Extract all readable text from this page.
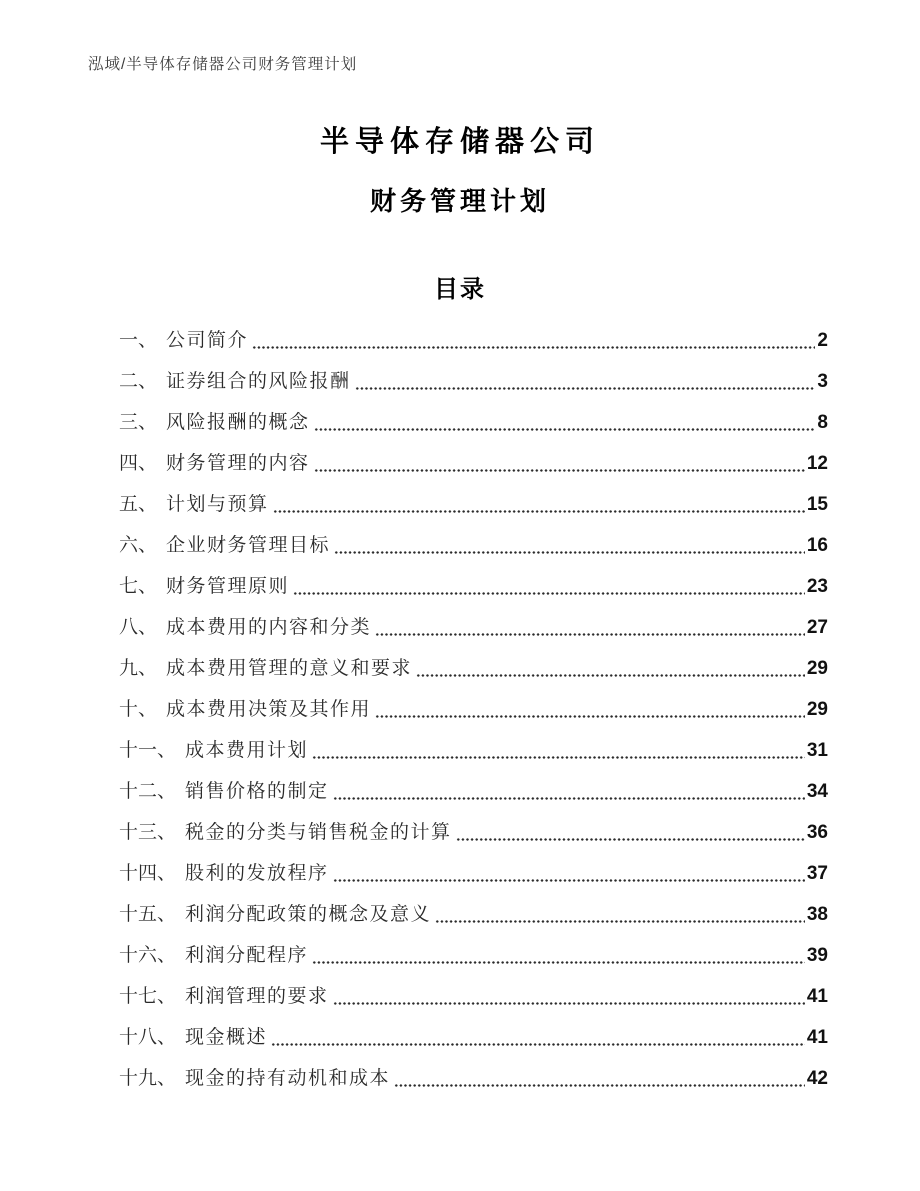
泓域/半导体存储器公司财务管理计划
半导体存储器公司
财务管理计划
目录
一、 公司简介	2
二、 证券组合的风险报酬	3
三、 风险报酬的概念	8
四、 财务管理的内容	12
五、 计划与预算	15
六、 企业财务管理目标	16
七、 财务管理原则	23
八、 成本费用的内容和分类	27
九、 成本费用管理的意义和要求	29
十、 成本费用决策及其作用	29
十一、 成本费用计划	31
十二、 销售价格的制定	34
十三、 税金的分类与销售税金的计算	36
十四、 股利的发放程序	37
十五、 利润分配政策的概念及意义	38
十六、 利润分配程序	39
十七、 利润管理的要求	41
十八、 现金概述	41
十九、 现金的持有动机和成本	42
